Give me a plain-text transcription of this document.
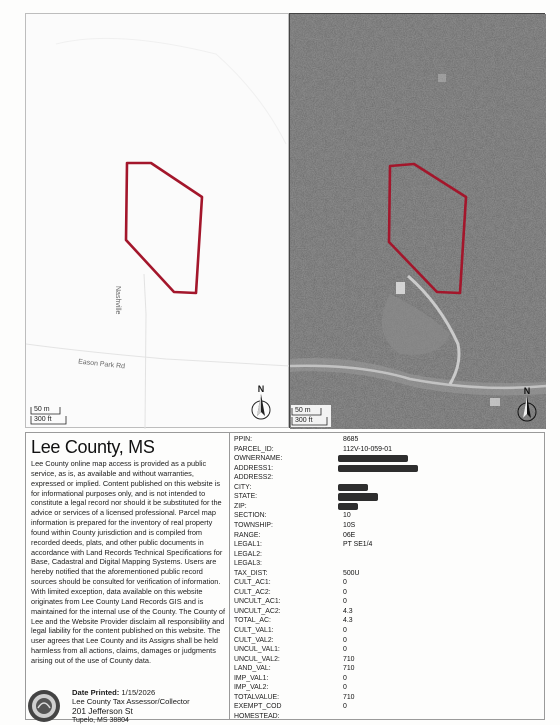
Nashville
Eason Park Rd
50 m
300 ft
N
50 m
300 ft
N
Lee County, MS

Lee County online map access is provided as a public service, as is, as available and without warranties, expressed or implied. Content published on this website is for informational purposes only, and is not intended to constitute a legal record nor should it be substituted for the advice or services of a licensed professional. Parcel map information is prepared for the inventory of real property found within County jurisdiction and is compiled from recorded deeds, plats, and other public documents in accordance with Land Records Technical Specifications for Base, Cadastral and Digital Mapping Systems. Users are hereby notified that the aforementioned public record sources should be consulted for verification of information. With limited exception, data available on this website originates from Lee County Land Records GIS and is maintained for the internal use of the County. The County of Lee and the Website Provider disclaim all responsibility and legal liability for the content published on this website. The user agrees that Lee County and its Assigns shall be held harmless from all actions, claims, damages or judgments arising out of the use of County data.

Date Printed: 1/15/2026
Lee County Tax Assessor/Collector
201 Jefferson St
Tupelo, MS 38804
PPIN:	8685
PARCEL_ID:	112V-10-059-01
OWNERNAME:
ADDRESS1:
ADDRESS2:
CITY:
STATE:
ZIP:
SECTION:	10
TOWNSHIP:	10S
RANGE:	06E
LEGAL1:	PT SE1/4
LEGAL2:
LEGAL3:
TAX_DIST:	500U
CULT_AC1:	0
CULT_AC2:	0
UNCULT_AC1:	0
UNCULT_AC2:	4.3
TOTAL_AC:	4.3
CULT_VAL1:	0
CULT_VAL2:	0
UNCUL_VAL1:	0
UNCUL_VAL2:	710
LAND_VAL:	710
IMP_VAL1:	0
IMP_VAL2:	0
TOTALVALUE:	710
EXEMPT_COD	0
HOMESTEAD:
